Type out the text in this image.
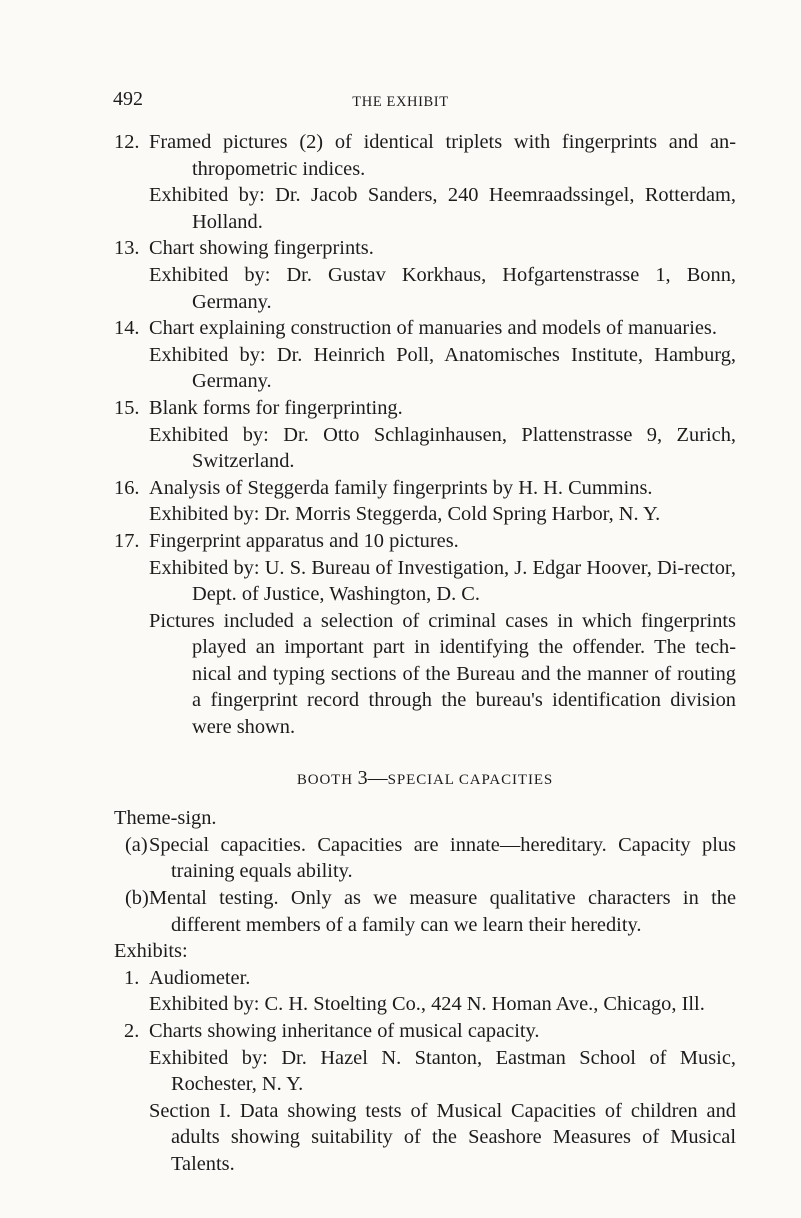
492	THE EXHIBIT
12. Framed pictures (2) of identical triplets with fingerprints and an-thropometric indices.
Exhibited by: Dr. Jacob Sanders, 240 Heemraadssingel, Rotterdam, Holland.
13. Chart showing fingerprints.
Exhibited by: Dr. Gustav Korkhaus, Hofgartenstrasse 1, Bonn, Germany.
14. Chart explaining construction of manuaries and models of manuaries.
Exhibited by: Dr. Heinrich Poll, Anatomisches Institute, Hamburg, Germany.
15. Blank forms for fingerprinting.
Exhibited by: Dr. Otto Schlaginhausen, Plattenstrasse 9, Zurich, Switzerland.
16. Analysis of Steggerda family fingerprints by H. H. Cummins.
Exhibited by: Dr. Morris Steggerda, Cold Spring Harbor, N. Y.
17. Fingerprint apparatus and 10 pictures.
Exhibited by: U. S. Bureau of Investigation, J. Edgar Hoover, Di-rector, Dept. of Justice, Washington, D. C.
Pictures included a selection of criminal cases in which fingerprints played an important part in identifying the offender. The tech-nical and typing sections of the Bureau and the manner of routing a fingerprint record through the bureau's identification division were shown.
BOOTH 3—SPECIAL CAPACITIES
Theme-sign.
(a) Special capacities. Capacities are innate—hereditary. Capacity plus training equals ability.
(b) Mental testing. Only as we measure qualitative characters in the different members of a family can we learn their heredity.
Exhibits:
1. Audiometer.
Exhibited by: C. H. Stoelting Co., 424 N. Homan Ave., Chicago, Ill.
2. Charts showing inheritance of musical capacity.
Exhibited by: Dr. Hazel N. Stanton, Eastman School of Music, Rochester, N. Y.
Section I. Data showing tests of Musical Capacities of children and adults showing suitability of the Seashore Measures of Musical Talents.
